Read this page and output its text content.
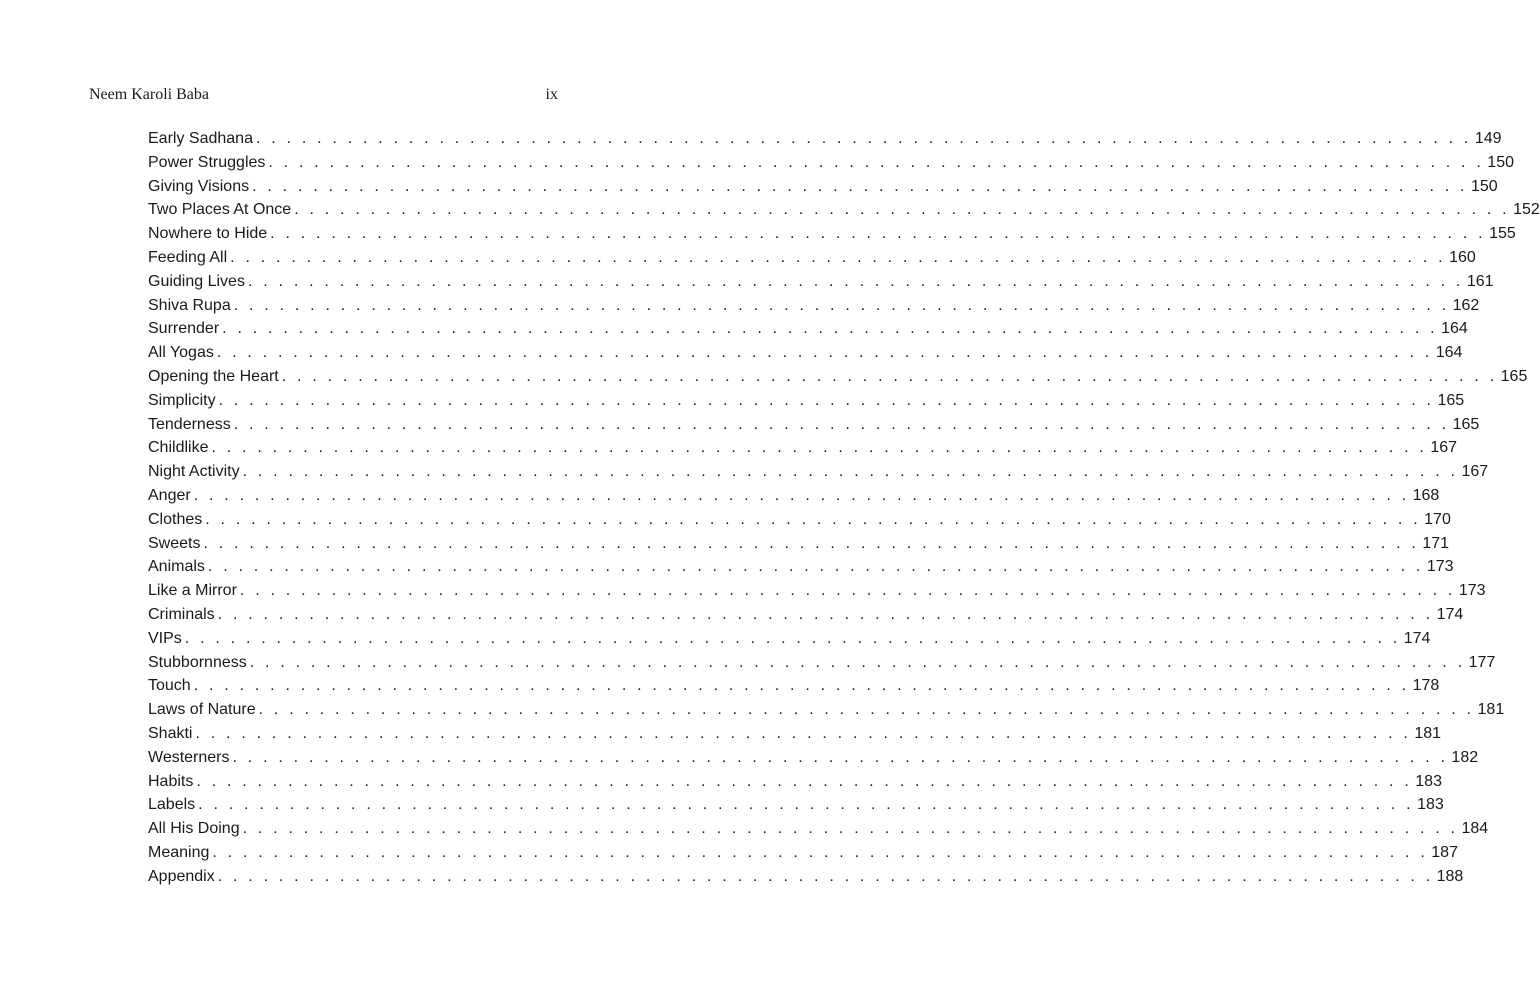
Neem Karoli Baba	ix
Early Sadhana . . . . . . . . . . . . . . . . . . . . . . . . . . . . . . . . . . . . . . . . . . . . . . . . . . . . . . . . . . . . . . . . . . . . . . . . . . . . . . . . 149
Power Struggles . . . . . . . . . . . . . . . . . . . . . . . . . . . . . . . . . . . . . . . . . . . . . . . . . . . . . . . . . . . . . . . . . . . . . . . . . . . . . . . . 150
Giving Visions . . . . . . . . . . . . . . . . . . . . . . . . . . . . . . . . . . . . . . . . . . . . . . . . . . . . . . . . . . . . . . . . . . . . . . . . . . . . . . . . 150
Two Places At Once . . . . . . . . . . . . . . . . . . . . . . . . . . . . . . . . . . . . . . . . . . . . . . . . . . . . . . . . . . . . . . . . . . . . . . . . . . . . . . . . 152
Nowhere to Hide . . . . . . . . . . . . . . . . . . . . . . . . . . . . . . . . . . . . . . . . . . . . . . . . . . . . . . . . . . . . . . . . . . . . . . . . . . . . . . . . 155
Feeding All . . . . . . . . . . . . . . . . . . . . . . . . . . . . . . . . . . . . . . . . . . . . . . . . . . . . . . . . . . . . . . . . . . . . . . . . . . . . . . . . 160
Guiding Lives . . . . . . . . . . . . . . . . . . . . . . . . . . . . . . . . . . . . . . . . . . . . . . . . . . . . . . . . . . . . . . . . . . . . . . . . . . . . . . . . 161
Shiva Rupa . . . . . . . . . . . . . . . . . . . . . . . . . . . . . . . . . . . . . . . . . . . . . . . . . . . . . . . . . . . . . . . . . . . . . . . . . . . . . . . . 162
Surrender . . . . . . . . . . . . . . . . . . . . . . . . . . . . . . . . . . . . . . . . . . . . . . . . . . . . . . . . . . . . . . . . . . . . . . . . . . . . . . . . 164
All Yogas . . . . . . . . . . . . . . . . . . . . . . . . . . . . . . . . . . . . . . . . . . . . . . . . . . . . . . . . . . . . . . . . . . . . . . . . . . . . . . . . 164
Opening the Heart . . . . . . . . . . . . . . . . . . . . . . . . . . . . . . . . . . . . . . . . . . . . . . . . . . . . . . . . . . . . . . . . . . . . . . . . . . . . . . . . 165
Simplicity . . . . . . . . . . . . . . . . . . . . . . . . . . . . . . . . . . . . . . . . . . . . . . . . . . . . . . . . . . . . . . . . . . . . . . . . . . . . . . . . 165
Tenderness . . . . . . . . . . . . . . . . . . . . . . . . . . . . . . . . . . . . . . . . . . . . . . . . . . . . . . . . . . . . . . . . . . . . . . . . . . . . . . . . 165
Childlike . . . . . . . . . . . . . . . . . . . . . . . . . . . . . . . . . . . . . . . . . . . . . . . . . . . . . . . . . . . . . . . . . . . . . . . . . . . . . . . . 167
Night Activity . . . . . . . . . . . . . . . . . . . . . . . . . . . . . . . . . . . . . . . . . . . . . . . . . . . . . . . . . . . . . . . . . . . . . . . . . . . . . . . . 167
Anger . . . . . . . . . . . . . . . . . . . . . . . . . . . . . . . . . . . . . . . . . . . . . . . . . . . . . . . . . . . . . . . . . . . . . . . . . . . . . . . . 168
Clothes . . . . . . . . . . . . . . . . . . . . . . . . . . . . . . . . . . . . . . . . . . . . . . . . . . . . . . . . . . . . . . . . . . . . . . . . . . . . . . . . 170
Sweets . . . . . . . . . . . . . . . . . . . . . . . . . . . . . . . . . . . . . . . . . . . . . . . . . . . . . . . . . . . . . . . . . . . . . . . . . . . . . . . . 171
Animals . . . . . . . . . . . . . . . . . . . . . . . . . . . . . . . . . . . . . . . . . . . . . . . . . . . . . . . . . . . . . . . . . . . . . . . . . . . . . . . . 173
Like a Mirror . . . . . . . . . . . . . . . . . . . . . . . . . . . . . . . . . . . . . . . . . . . . . . . . . . . . . . . . . . . . . . . . . . . . . . . . . . . . . . . . 173
Criminals . . . . . . . . . . . . . . . . . . . . . . . . . . . . . . . . . . . . . . . . . . . . . . . . . . . . . . . . . . . . . . . . . . . . . . . . . . . . . . . . 174
VIPs . . . . . . . . . . . . . . . . . . . . . . . . . . . . . . . . . . . . . . . . . . . . . . . . . . . . . . . . . . . . . . . . . . . . . . . . . . . . . . . . 174
Stubbornness . . . . . . . . . . . . . . . . . . . . . . . . . . . . . . . . . . . . . . . . . . . . . . . . . . . . . . . . . . . . . . . . . . . . . . . . . . . . . . . . 177
Touch . . . . . . . . . . . . . . . . . . . . . . . . . . . . . . . . . . . . . . . . . . . . . . . . . . . . . . . . . . . . . . . . . . . . . . . . . . . . . . . . 178
Laws of Nature . . . . . . . . . . . . . . . . . . . . . . . . . . . . . . . . . . . . . . . . . . . . . . . . . . . . . . . . . . . . . . . . . . . . . . . . . . . . . . . . 181
Shakti . . . . . . . . . . . . . . . . . . . . . . . . . . . . . . . . . . . . . . . . . . . . . . . . . . . . . . . . . . . . . . . . . . . . . . . . . . . . . . . . 181
Westerners . . . . . . . . . . . . . . . . . . . . . . . . . . . . . . . . . . . . . . . . . . . . . . . . . . . . . . . . . . . . . . . . . . . . . . . . . . . . . . . . 182
Habits . . . . . . . . . . . . . . . . . . . . . . . . . . . . . . . . . . . . . . . . . . . . . . . . . . . . . . . . . . . . . . . . . . . . . . . . . . . . . . . . 183
Labels . . . . . . . . . . . . . . . . . . . . . . . . . . . . . . . . . . . . . . . . . . . . . . . . . . . . . . . . . . . . . . . . . . . . . . . . . . . . . . . . 183
All His Doing . . . . . . . . . . . . . . . . . . . . . . . . . . . . . . . . . . . . . . . . . . . . . . . . . . . . . . . . . . . . . . . . . . . . . . . . . . . . . . . . 184
Meaning . . . . . . . . . . . . . . . . . . . . . . . . . . . . . . . . . . . . . . . . . . . . . . . . . . . . . . . . . . . . . . . . . . . . . . . . . . . . . . . . 187
Appendix . . . . . . . . . . . . . . . . . . . . . . . . . . . . . . . . . . . . . . . . . . . . . . . . . . . . . . . . . . . . . . . . . . . . . . . . . . . . . . . . 188
